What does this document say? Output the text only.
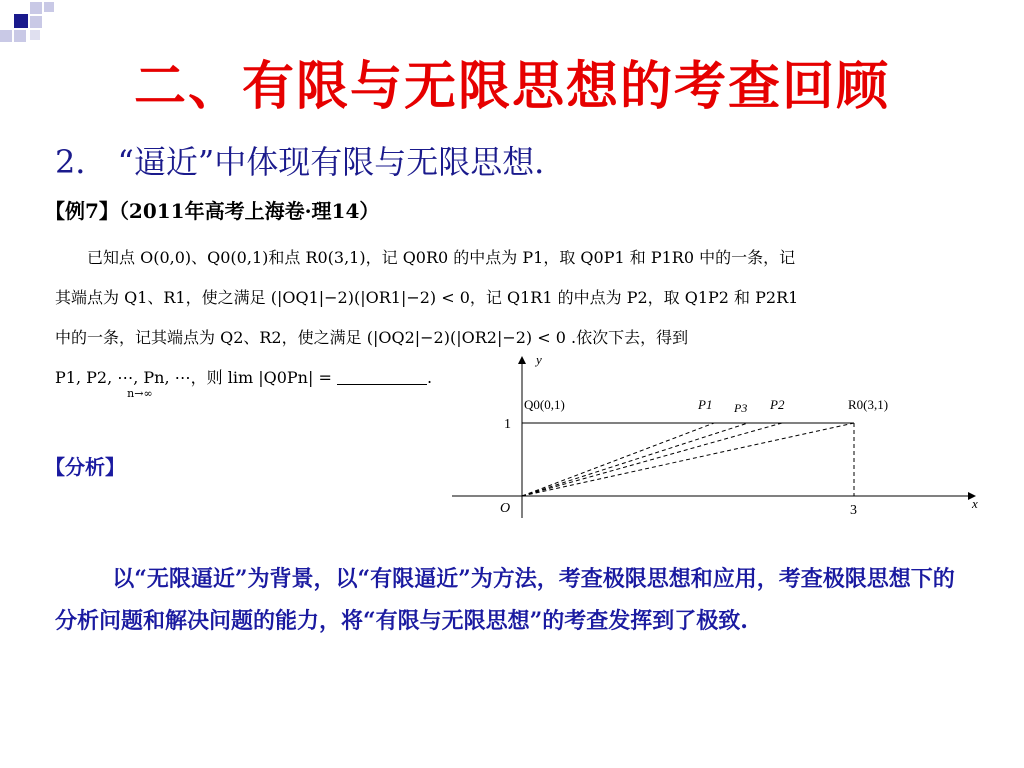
二、有限与无限思想的考查回顾
2． “逼近”中体现有限与无限思想．
【例7】（2011年高考上海卷·理14）

已知点 O(0,0)、Q0(0,1)和点 R0(3,1)，记 Q0R0 的中点为 P1，取 Q0P1 和 P1R0 中的一条，记

其端点为 Q1、R1，使之满足 (|OQ1|−2)(|OR1|−2) < 0，记 Q1R1 的中点为 P2，取 Q1P2 和 P2R1
中的一条，记其端点为 Q2、R2，使之满足 (|OQ2|−2)(|OR2|−2) < 0 .依次下去，得到
P1, P2, ⋯, Pn, ⋯，则 lim |Q0Pn| =	. $_{n\to\infty}$
【分析】
y
x
O
1
3
Q0(0,1)	R0(3,1)
P1 P3 P2

以“无限逼近”为背景，以“有限逼近”为方法，考查极限思想和应用，考查极限思想下的分析问题和解决问题的能力，将“有限与无限思想”的考查发挥到了极致.
